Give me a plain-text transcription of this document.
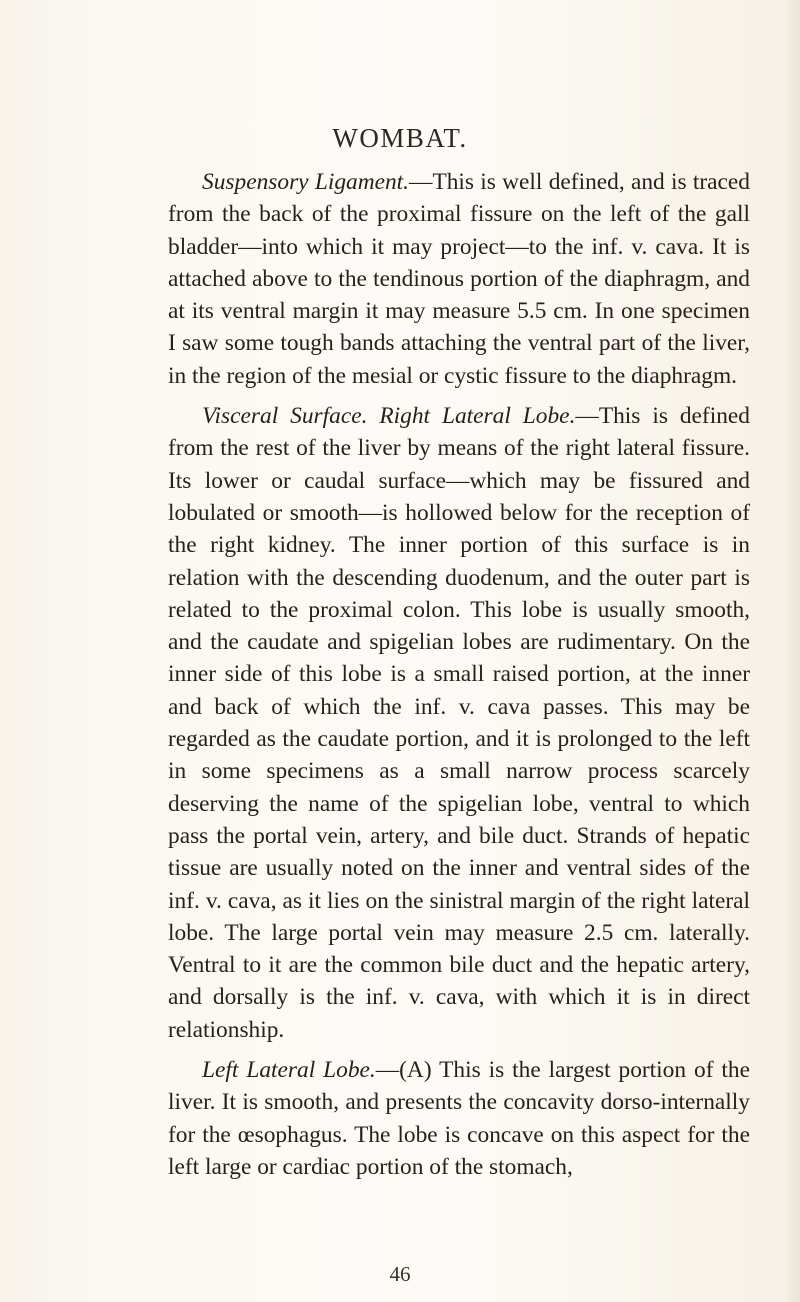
WOMBAT.

Suspensory Ligament.—This is well defined, and is traced from the back of the proximal fissure on the left of the gall bladder—into which it may project—to the inf. v. cava. It is attached above to the tendinous portion of the diaphragm, and at its ventral margin it may measure 5.5 cm. In one specimen I saw some tough bands attaching the ventral part of the liver, in the region of the mesial or cystic fissure to the diaphragm.

Visceral Surface. Right Lateral Lobe.—This is defined from the rest of the liver by means of the right lateral fissure. Its lower or caudal surface—which may be fissured and lobulated or smooth—is hollowed below for the reception of the right kidney. The inner portion of this surface is in relation with the descending duodenum, and the outer part is related to the proximal colon. This lobe is usually smooth, and the caudate and spigelian lobes are rudimentary. On the inner side of this lobe is a small raised portion, at the inner and back of which the inf. v. cava passes. This may be regarded as the caudate portion, and it is prolonged to the left in some specimens as a small narrow process scarcely deserving the name of the spigelian lobe, ventral to which pass the portal vein, artery, and bile duct. Strands of hepatic tissue are usually noted on the inner and ventral sides of the inf. v. cava, as it lies on the sinistral margin of the right lateral lobe. The large portal vein may measure 2.5 cm. laterally. Ventral to it are the common bile duct and the hepatic artery, and dorsally is the inf. v. cava, with which it is in direct relationship.

Left Lateral Lobe.—(A) This is the largest portion of the liver. It is smooth, and presents the concavity dorso-internally for the œsophagus. The lobe is concave on this aspect for the left large or cardiac portion of the stomach,

46
